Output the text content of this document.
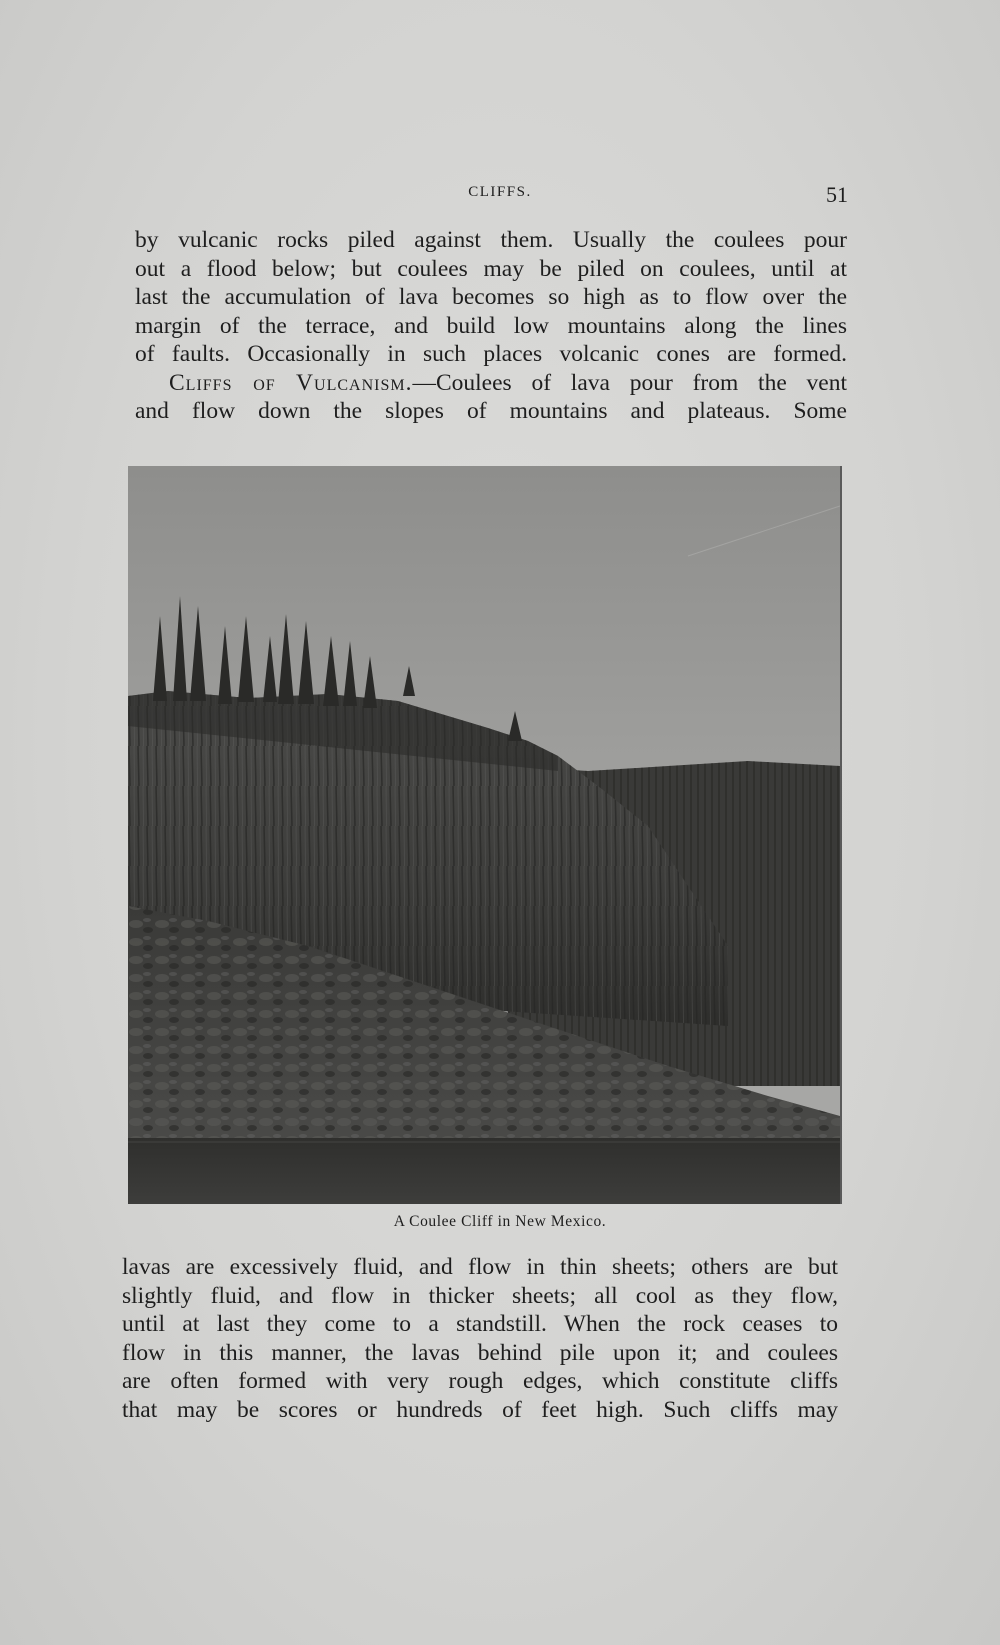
CLIFFS.	51
by vulcanic rocks piled against them. Usually the coulees pour
out a flood below; but coulees may be piled on coulees, until at
last the accumulation of lava becomes so high as to flow over the
margin of the terrace, and build low mountains along the lines
of faults. Occasionally in such places volcanic cones are formed.
Cliffs of Vulcanism.—Coulees of lava pour from the vent
and flow down the slopes of mountains and plateaus. Some
A Coulee Cliff in New Mexico.
lavas are excessively fluid, and flow in thin sheets; others are but
slightly fluid, and flow in thicker sheets; all cool as they flow,
until at last they come to a standstill. When the rock ceases to
flow in this manner, the lavas behind pile upon it; and coulees
are often formed with very rough edges, which constitute cliffs
that may be scores or hundreds of feet high. Such cliffs may
